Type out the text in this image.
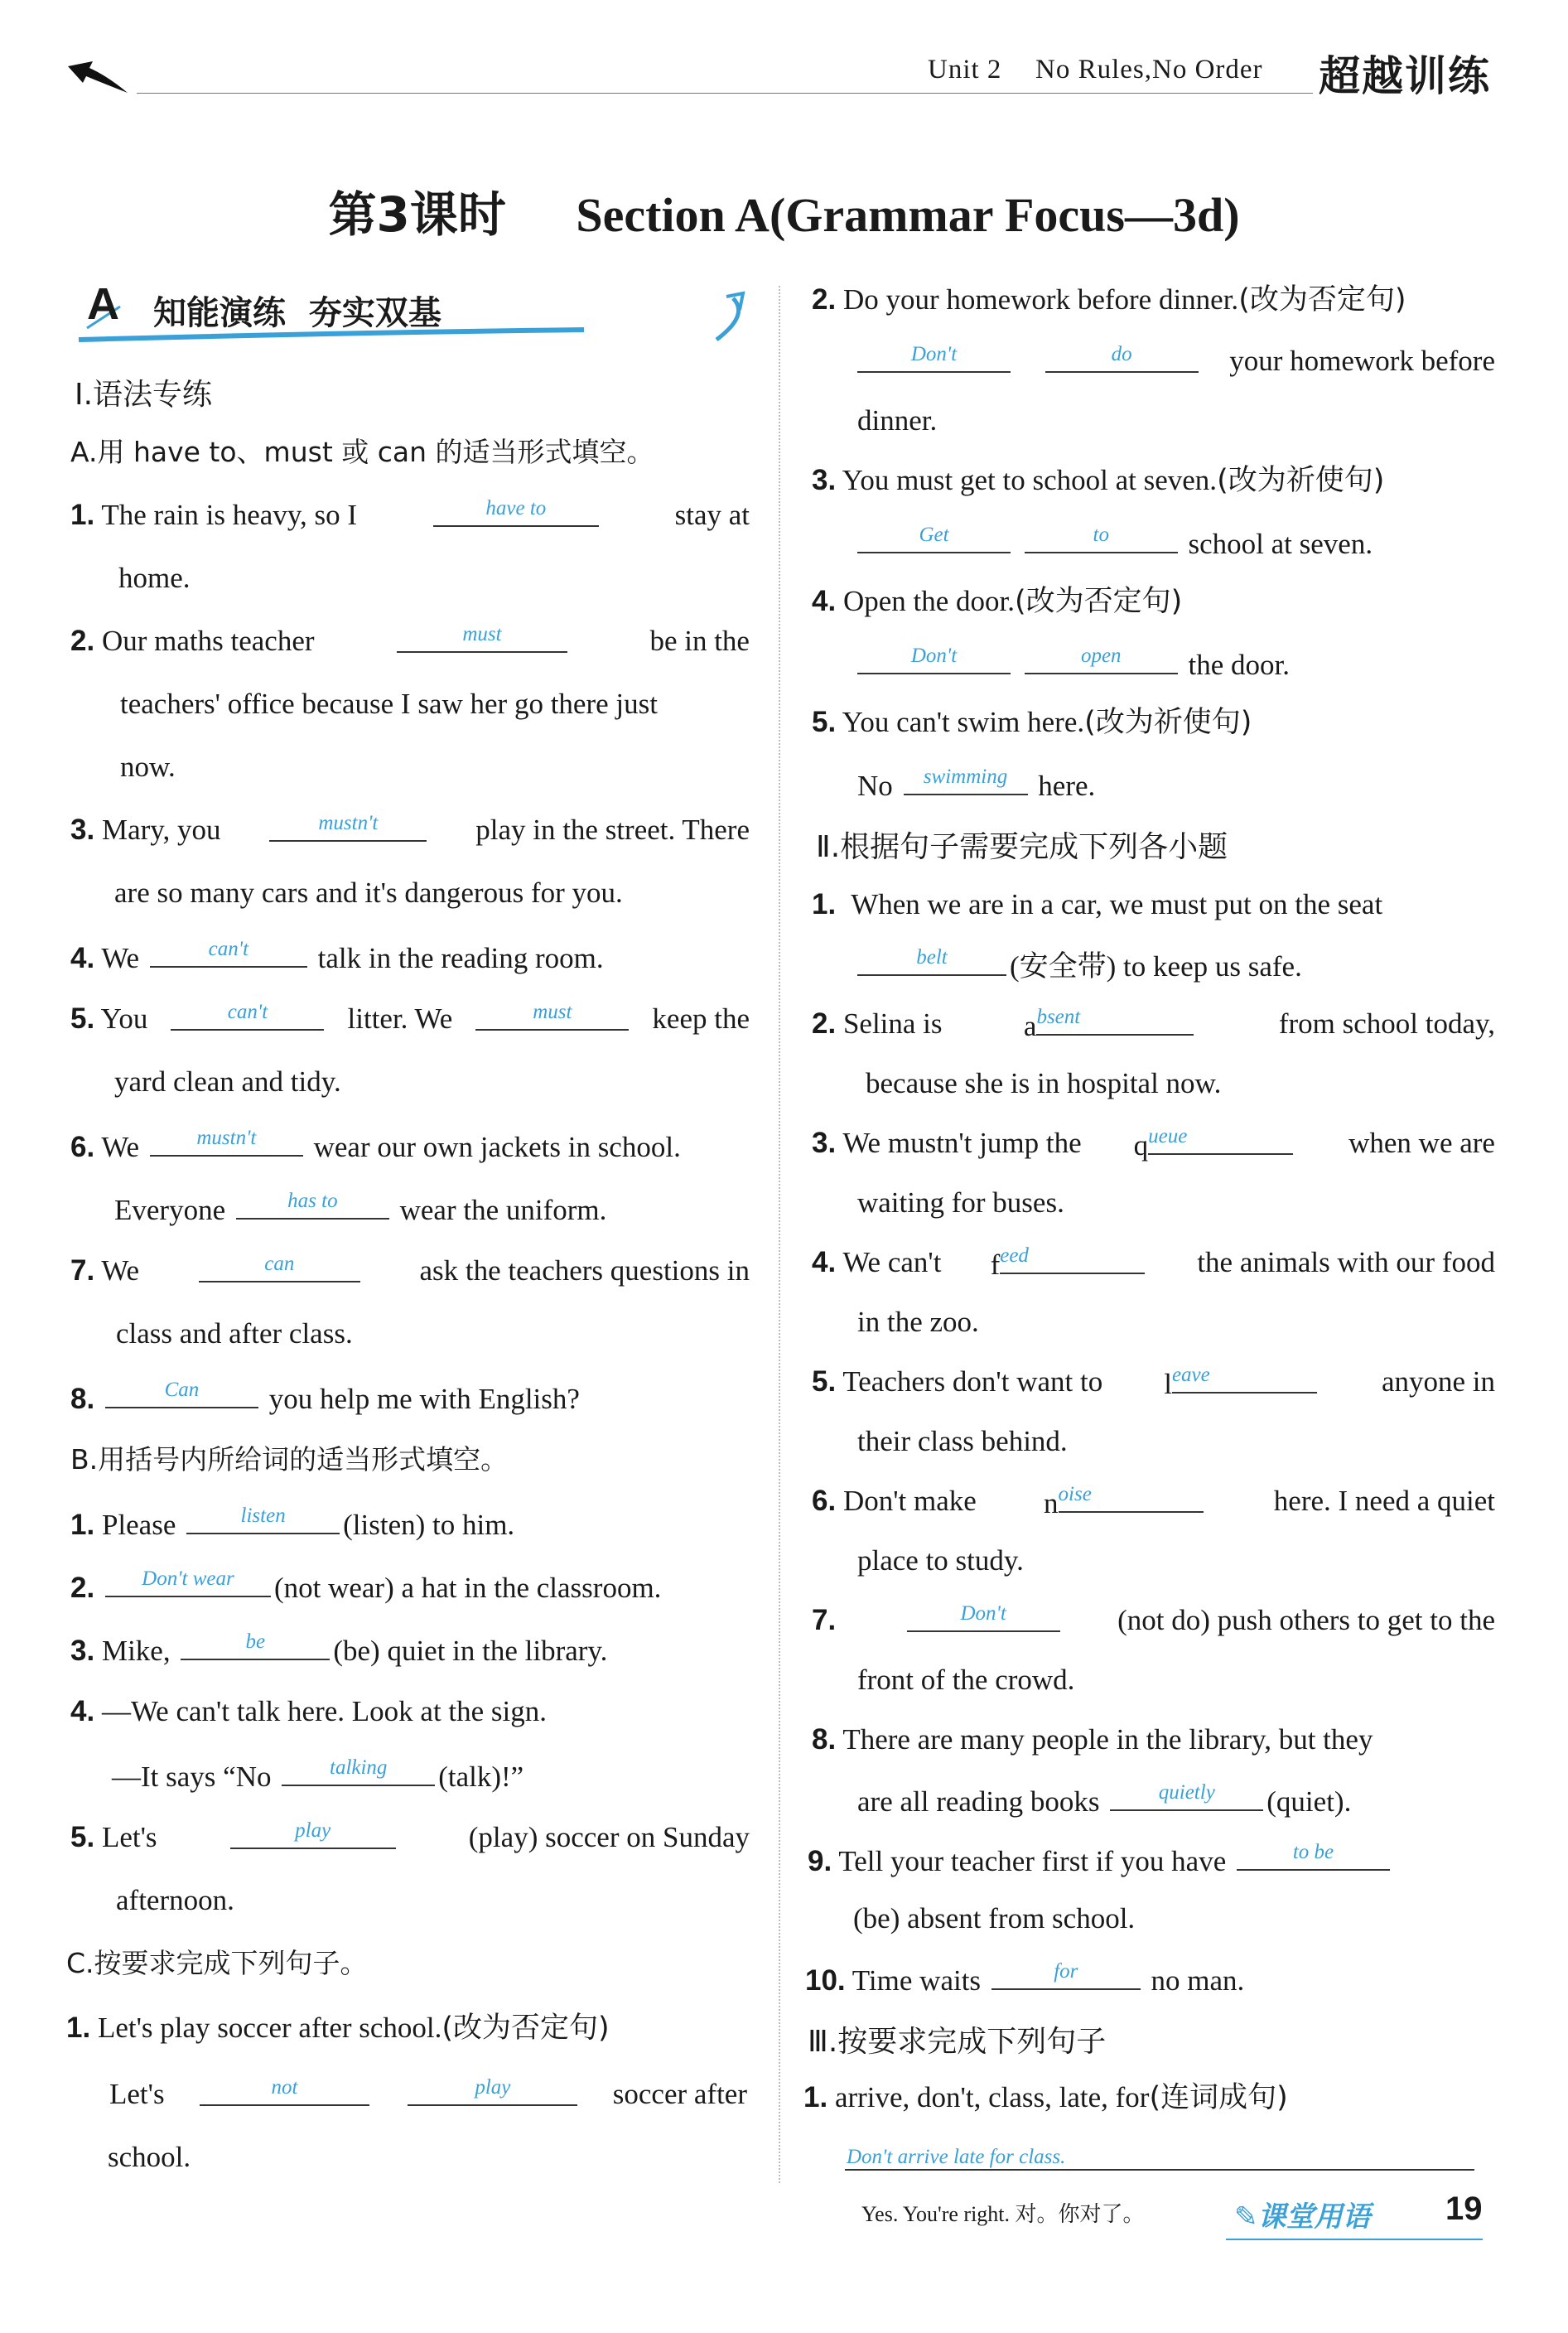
Unit 2 No Rules,No Order 超越训练
第3课时 Section A(Grammar Focus—3d)
A 知能演练  夯实双基
Ⅰ.语法专练
A.用 have to、must 或 can 的适当形式填空。
1. The rain is heavy, so I	have to	stay at
home.
2. Our maths teacher	must	be in the
teachers' office because I saw her go there just
now.
3. Mary, you	mustn't	play in the street. There
are so many cars and it's dangerous for you.
4. We	can't	talk in the reading room.
5. You	can't	litter. We	must	keep the
yard clean and tidy.
6. We	mustn't	wear our own jackets in school.
Everyone	has to	wear the uniform.
7. We	can	ask the teachers questions in
class and after class.
8.	Can	you help me with English?
B.用括号内所给词的适当形式填空。
1. Please	listen	(listen) to him.
2.	Don't wear	(not wear) a hat in the classroom.
3. Mike,	be	(be) quiet in the library.
4. —We can't talk here. Look at the sign.
—It says “No	talking	(talk)!”
5. Let's	play	(play) soccer on Sunday
afternoon.
C.按要求完成下列句子。
1. Let's play soccer after school.(改为否定句)
Let's	not	play	soccer after
school.
2. Do your homework before dinner.(改为否定句)
Don't	do	your homework before
dinner.
3. You must get to school at seven.(改为祈使句)
Get
	to	school at seven.
4. Open the door.(改为否定句)
Don't
	open	the door.
5. You can't swim here.(改为祈使句)
No	swimming	here.
Ⅱ.根据句子需要完成下列各小题
1. When we are in a car, we must put on the seat
belt	(安全带) to keep us safe.
2. Selina is	a bsent	from school today,
because she is in hospital now.
3. We mustn't jump the q ueue	when we are
waiting for buses.
4. We can't f eed	the animals with our food
in the zoo.
5. Teachers don't want to l eave	anyone in
their class behind.
6. Don't make n oise	here. I need a quiet
place to study.
7.	Don't	(not do) push others to get to the
front of the crowd.
8. There are many people in the library, but they
are all reading books	quietly	(quiet).
9. Tell your teacher first if you have	to be
(be) absent from school.
10. Time waits	for	no man.
Ⅲ.按要求完成下列句子
1. arrive, don't, class, late, for(连词成句)
Don't arrive late for class.
Yes. You're right. 对。你对了。	✎课堂用语 19
